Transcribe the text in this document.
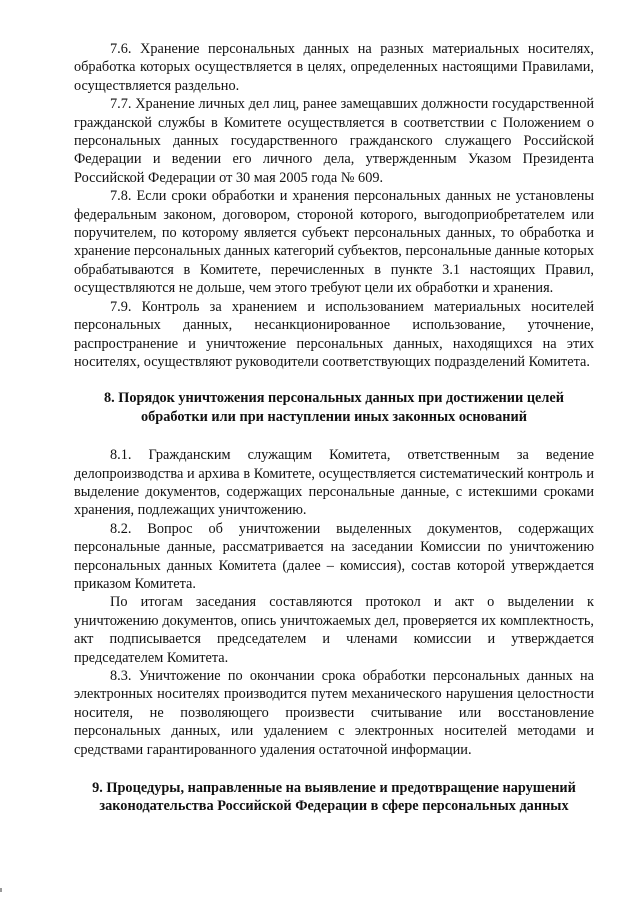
7.6. Хранение персональных данных на разных материальных носителях, обработка которых осуществляется в целях, определенных настоящими Правилами, осуществляется раздельно.

7.7. Хранение личных дел лиц, ранее замещавших должности государственной гражданской службы в Комитете осуществляется в соответствии с Положением о персональных данных государственного гражданского служащего Российской Федерации и ведении его личного дела, утвержденным Указом Президента Российской Федерации от 30 мая 2005 года № 609.

7.8. Если сроки обработки и хранения персональных данных не установлены федеральным законом, договором, стороной которого, выгодоприобретателем или поручителем, по которому является субъект персональных данных, то обработка и хранение персональных данных категорий субъектов, персональные данные которых обрабатываются в Комитете, перечисленных в пункте 3.1 настоящих Правил, осуществляются не дольше, чем этого требуют цели их обработки и хранения.

7.9. Контроль за хранением и использованием материальных носителей персональных данных, несанкционированное использование, уточнение, распространение и уничтожение персональных данных, находящихся на этих носителях, осуществляют руководители соответствующих подразделений Комитета.

8. Порядок уничтожения персональных данных при достижении целей обработки или при наступлении иных законных оснований

8.1. Гражданским служащим Комитета, ответственным за ведение делопроизводства и архива в Комитете, осуществляется систематический контроль и выделение документов, содержащих персональные данные, с истекшими сроками хранения, подлежащих уничтожению.

8.2. Вопрос об уничтожении выделенных документов, содержащих персональные данные, рассматривается на заседании Комиссии по уничтожению персональных данных Комитета (далее – комиссия), состав которой утверждается приказом Комитета.

По итогам заседания составляются протокол и акт о выделении к уничтожению документов, опись уничтожаемых дел, проверяется их комплектность, акт подписывается председателем и членами комиссии и утверждается председателем Комитета.

8.3. Уничтожение по окончании срока обработки персональных данных на электронных носителях производится путем механического нарушения целостности носителя, не позволяющего произвести считывание или восстановление персональных данных, или удалением с электронных носителей методами и средствами гарантированного удаления остаточной информации.

9. Процедуры, направленные на выявление и предотвращение нарушений законодательства Российской Федерации в сфере персональных данных
